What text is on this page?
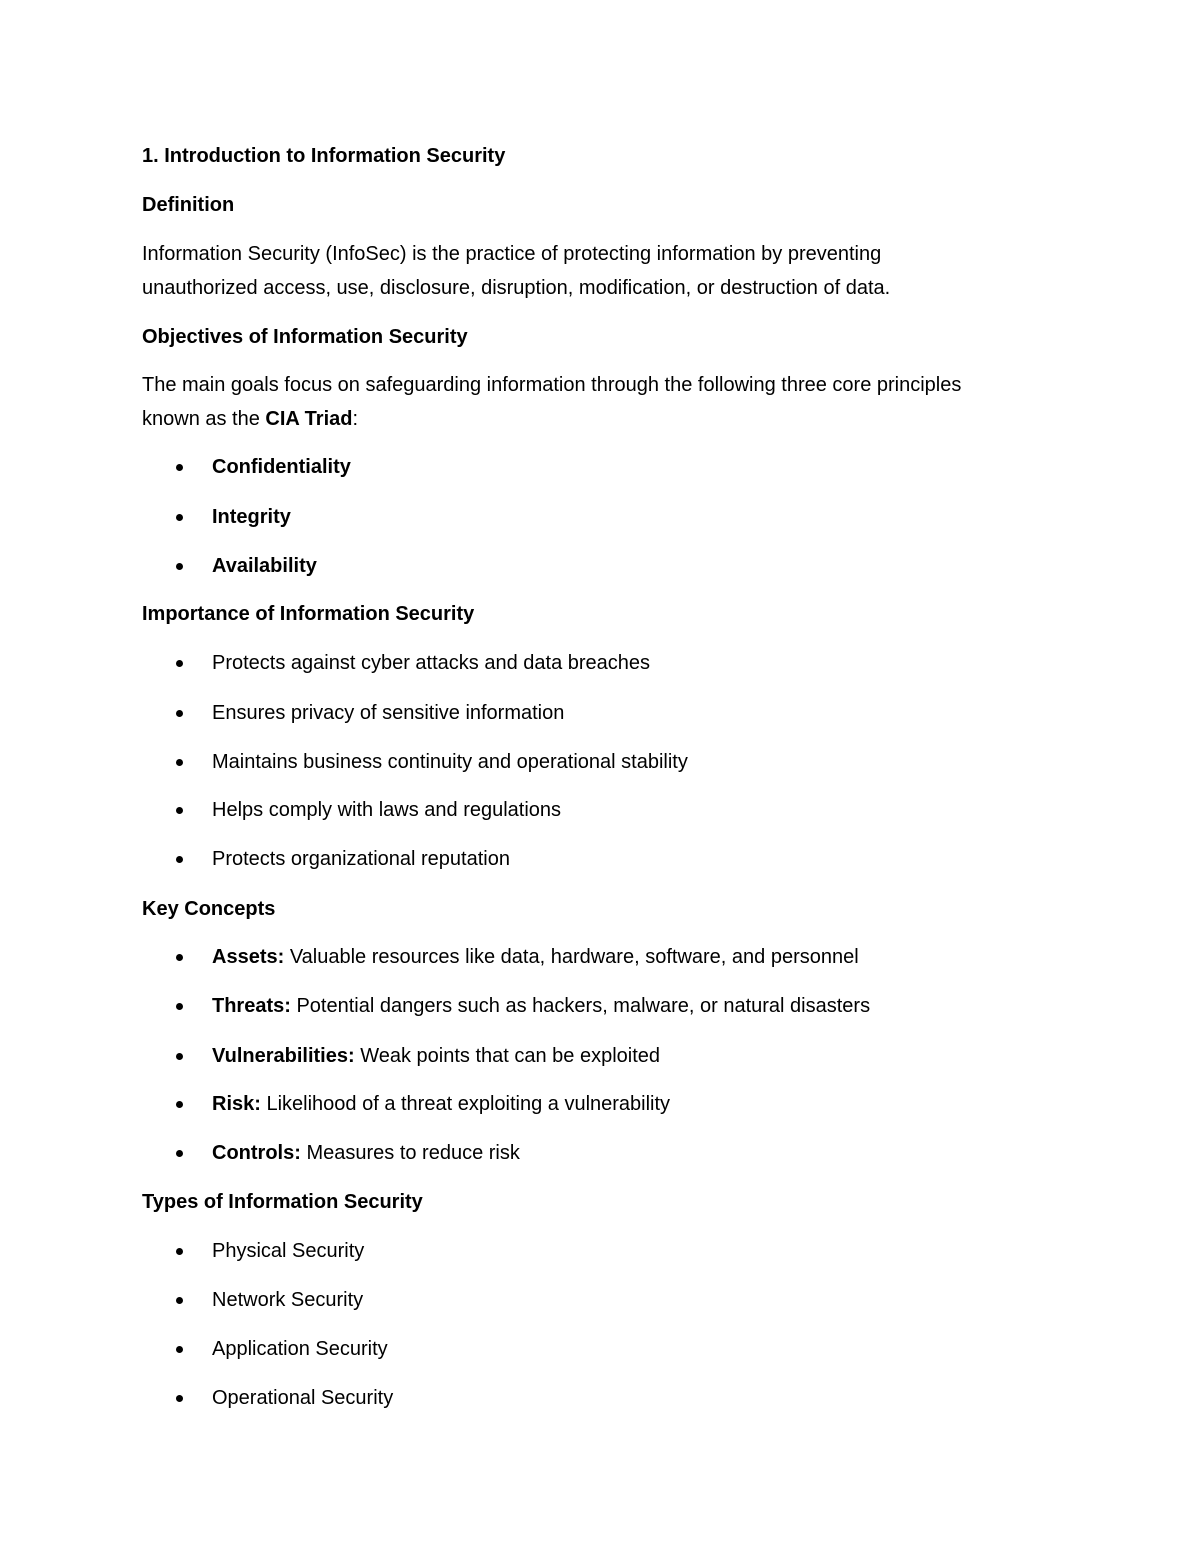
1. Introduction to Information Security
Definition
Information Security (InfoSec) is the practice of protecting information by preventing
unauthorized access, use, disclosure, disruption, modification, or destruction of data.
Objectives of Information Security
The main goals focus on safeguarding information through the following three core principles
known as the CIA Triad:
Confidentiality
Integrity
Availability
Importance of Information Security
Protects against cyber attacks and data breaches
Ensures privacy of sensitive information
Maintains business continuity and operational stability
Helps comply with laws and regulations
Protects organizational reputation
Key Concepts
Assets: Valuable resources like data, hardware, software, and personnel
Threats: Potential dangers such as hackers, malware, or natural disasters
Vulnerabilities: Weak points that can be exploited
Risk: Likelihood of a threat exploiting a vulnerability
Controls: Measures to reduce risk
Types of Information Security
Physical Security
Network Security
Application Security
Operational Security
